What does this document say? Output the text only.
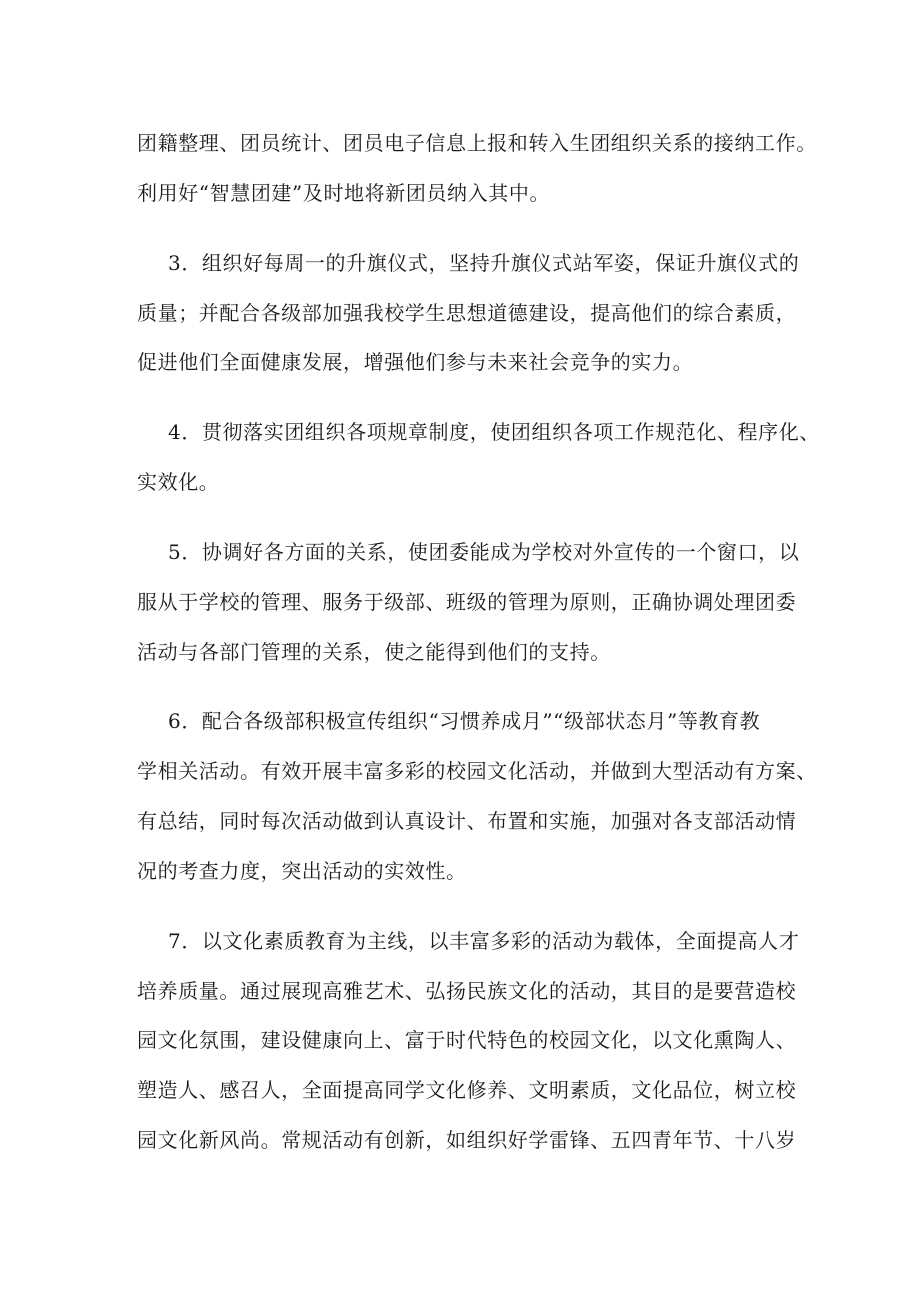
团籍整理、团员统计、团员电子信息上报和转入生团组织关系的接纳工作。
利用好“智慧团建”及时地将新团员纳入其中。
3．组织好每周一的升旗仪式，坚持升旗仪式站军姿，保证升旗仪式的
质量；并配合各级部加强我校学生思想道德建设，提高他们的综合素质，
促进他们全面健康发展，增强他们参与未来社会竞争的实力。
4．贯彻落实团组织各项规章制度，使团组织各项工作规范化、程序化、
实效化。
5．协调好各方面的关系，使团委能成为学校对外宣传的一个窗口，以
服从于学校的管理、服务于级部、班级的管理为原则，正确协调处理团委
活动与各部门管理的关系，使之能得到他们的支持。
6．配合各级部积极宣传组织“习惯养成月”“级部状态月”等教育教
学相关活动。有效开展丰富多彩的校园文化活动，并做到大型活动有方案、
有总结，同时每次活动做到认真设计、布置和实施，加强对各支部活动情
况的考查力度，突出活动的实效性。
7．以文化素质教育为主线，以丰富多彩的活动为载体，全面提高人才
培养质量。通过展现高雅艺术、弘扬民族文化的活动，其目的是要营造校
园文化氛围，建设健康向上、富于时代特色的校园文化，以文化熏陶人、
塑造人、感召人，全面提高同学文化修养、文明素质，文化品位，树立校
园文化新风尚。常规活动有创新，如组织好学雷锋、五四青年节、十八岁
